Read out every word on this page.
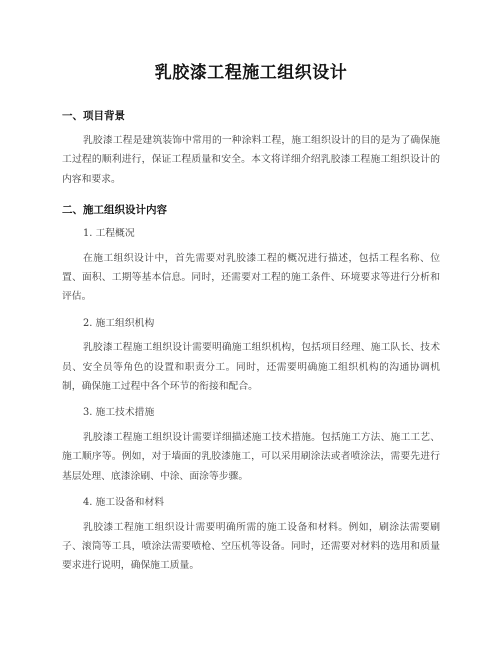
乳胶漆工程施工组织设计
一、项目背景

乳胶漆工程是建筑装饰中常用的一种涂料工程，施工组织设计的目的是为了确保施工过程的顺利进行，保证工程质量和安全。本文将详细介绍乳胶漆工程施工组织设计的内容和要求。

二、施工组织设计内容

1. 工程概况

在施工组织设计中，首先需要对乳胶漆工程的概况进行描述，包括工程名称、位置、面积、工期等基本信息。同时，还需要对工程的施工条件、环境要求等进行分析和评估。

2. 施工组织机构

乳胶漆工程施工组织设计需要明确施工组织机构，包括项目经理、施工队长、技术员、安全员等角色的设置和职责分工。同时，还需要明确施工组织机构的沟通协调机制，确保施工过程中各个环节的衔接和配合。

3. 施工技术措施

乳胶漆工程施工组织设计需要详细描述施工技术措施。包括施工方法、施工工艺、施工顺序等。例如，对于墙面的乳胶漆施工，可以采用刷涂法或者喷涂法，需要先进行基层处理、底漆涂刷、中涂、面涂等步骤。

4. 施工设备和材料

乳胶漆工程施工组织设计需要明确所需的施工设备和材料。例如，刷涂法需要刷子、滚筒等工具，喷涂法需要喷枪、空压机等设备。同时，还需要对材料的选用和质量要求进行说明，确保施工质量。
